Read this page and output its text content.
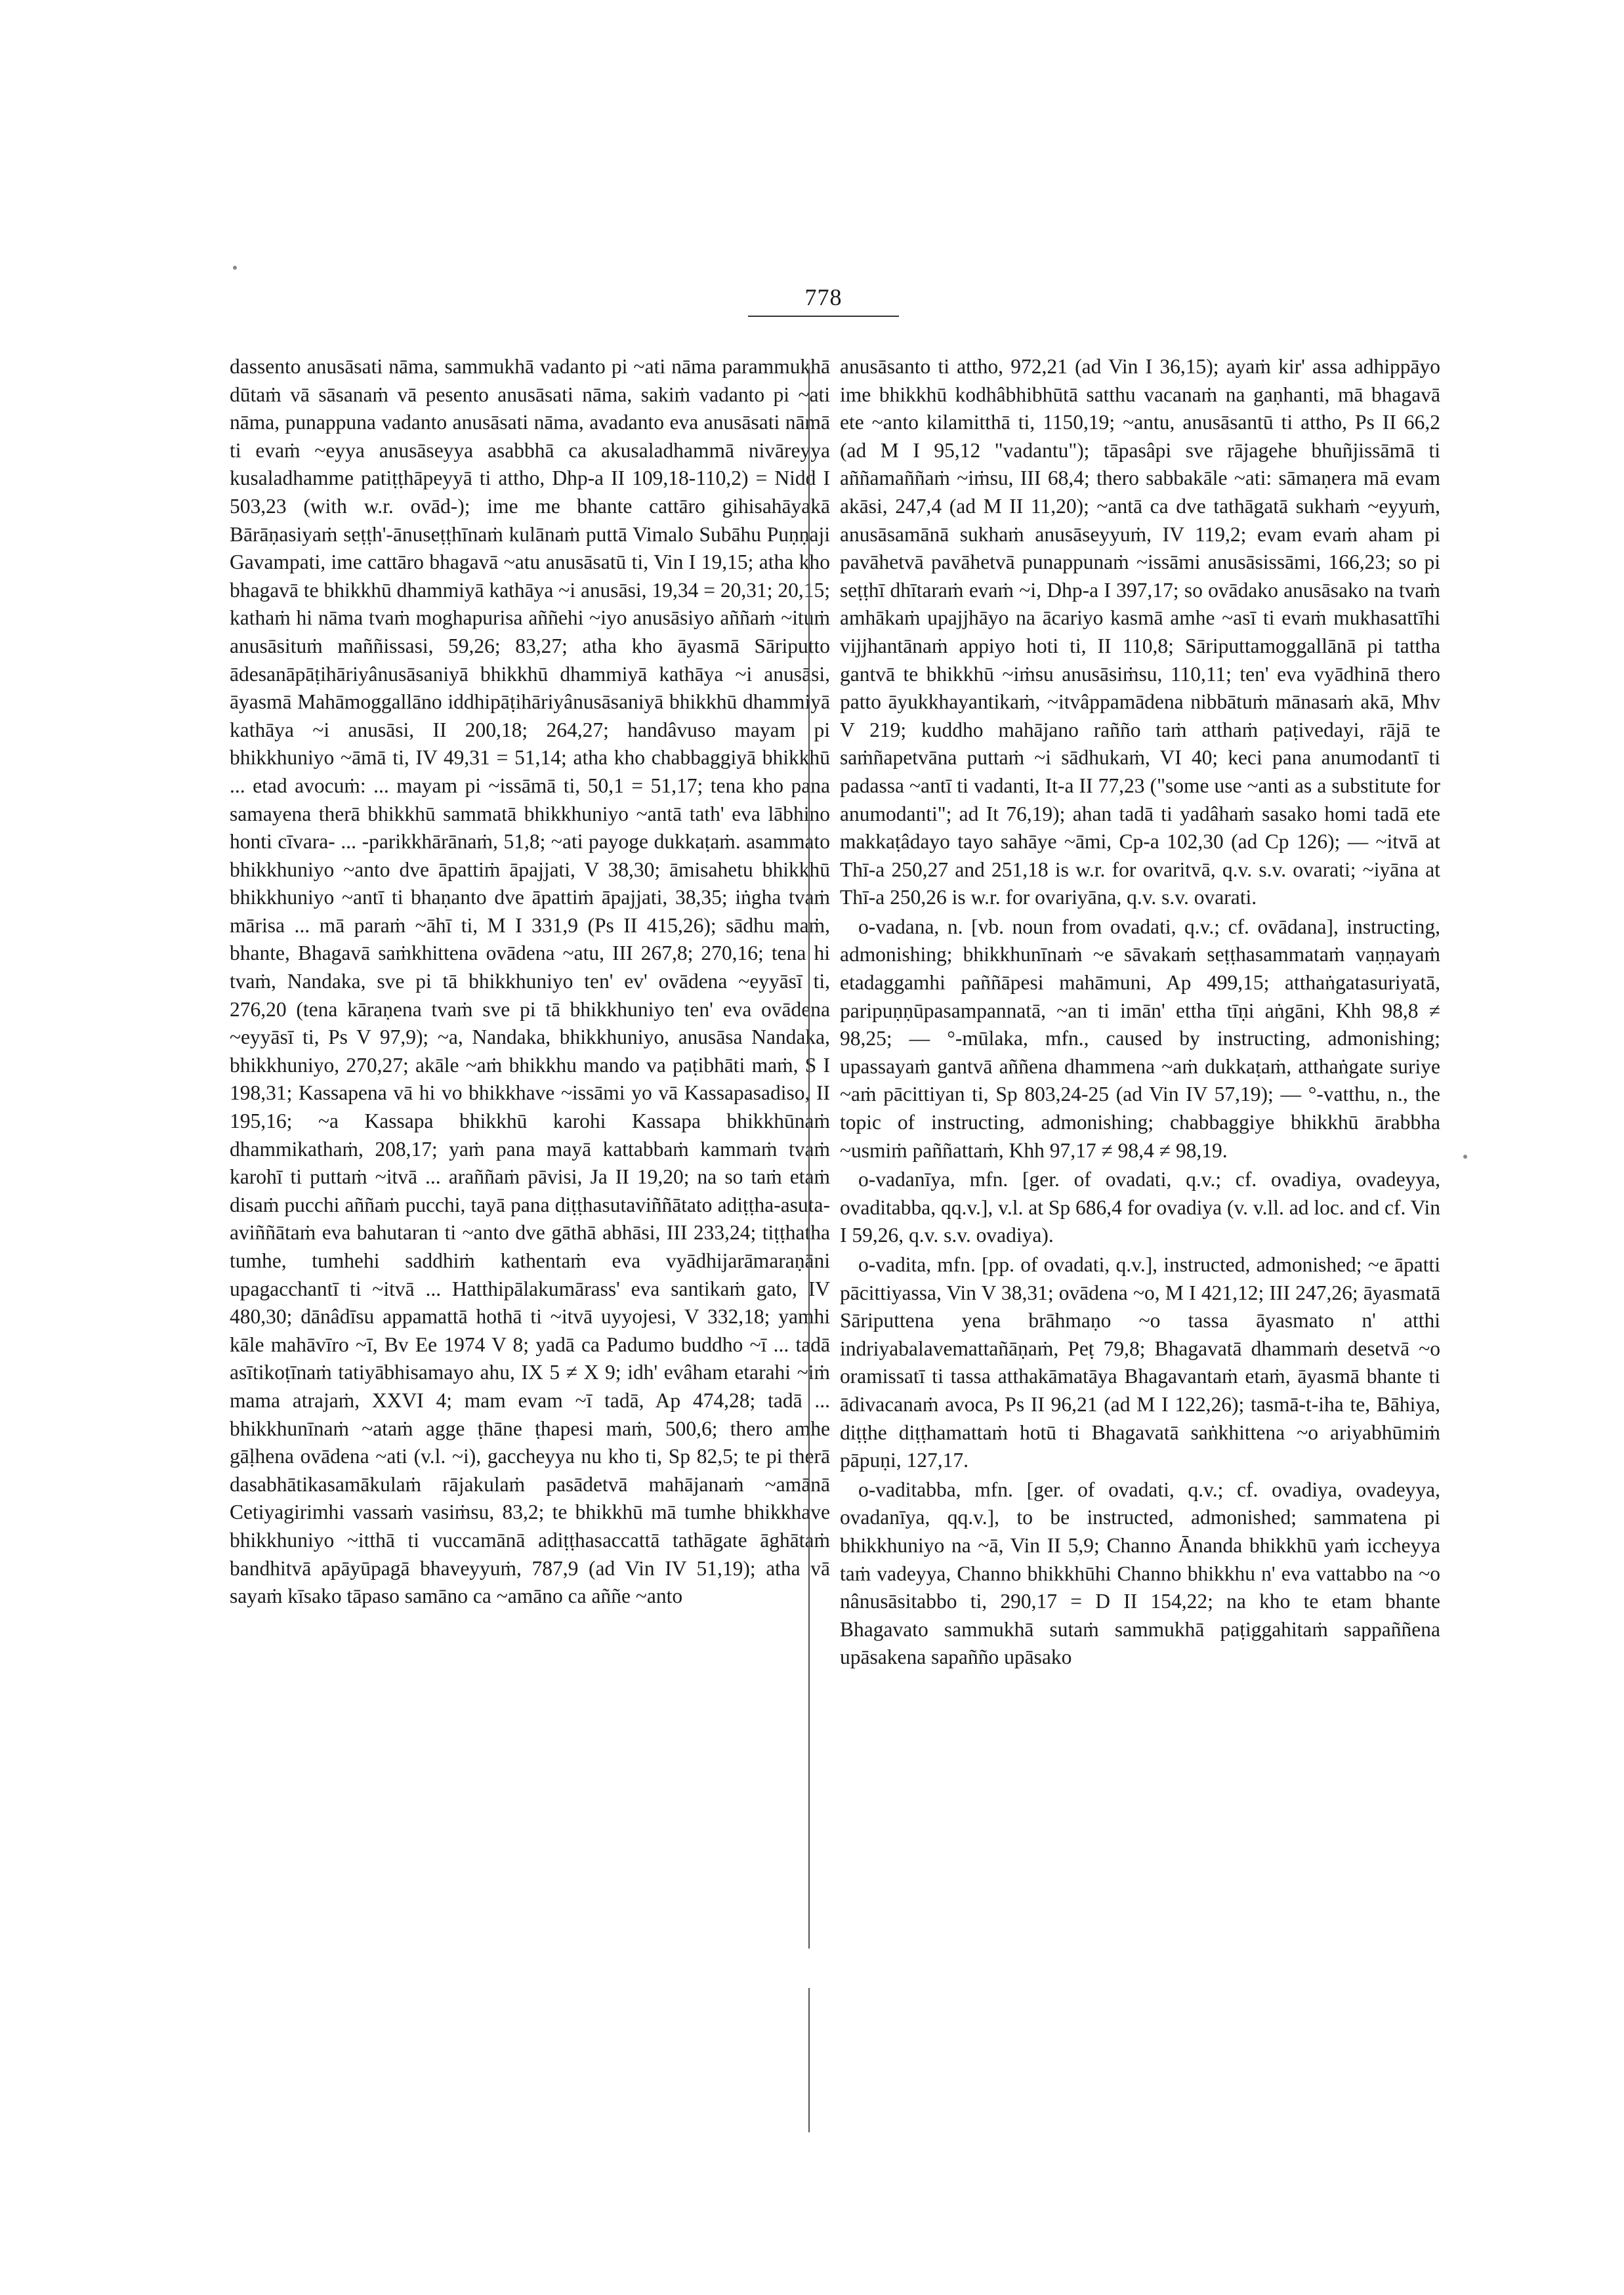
778

dassento anusāsati nāma, sammukhā vadanto pi ~ati nāma parammukhā dūtaṁ vā sāsanaṁ vā pesento anusāsati nāma, sakiṁ vadanto pi ~ati nāma, punappuna vadanto anusāsati nāma, avadanto eva anusāsati nāmā ti evaṁ ~eyya anusāseyya asabbhā ca akusaladhammā nivāreyya kusaladhamme patiṭṭhāpeyyā ti attho, Dhp-a II 109,18-110,2) = Nidd I 503,23 (with w.r. ovād-); ime me bhante cattāro gihisahāyakā Bārāṇasiyaṁ seṭṭh'-ānuseṭṭhīnaṁ kulānaṁ puttā Vimalo Subāhu Puṇṇaji Gavampati, ime cattāro bhagavā ~atu anusāsatū ti, Vin I 19,15; atha kho bhagavā te bhikkhū dhammiyā kathāya ~i anusāsi, 19,34 = 20,31; 20,15; kathaṁ hi nāma tvaṁ moghapurisa aññehi ~iyo anusāsiyo aññaṁ ~ituṁ anusāsituṁ maññissasi, 59,26; 83,27; atha kho āyasmā Sāriputto ādesanāpāṭihāriyânusāsaniyā bhikkhū dhammiyā kathāya ~i anusāsi, āyasmā Mahāmoggallāno iddhipāṭihāriyânusāsaniyā bhikkhū dhammiyā kathāya ~i anusāsi, II 200,18; 264,27; handâvuso mayam pi bhikkhuniyo ~āmā ti, IV 49,31 = 51,14; atha kho chabbaggiyā bhikkhū ... etad avocuṁ: ... mayam pi ~issāmā ti, 50,1 = 51,17; tena kho pana samayena therā bhikkhū sammatā bhikkhuniyo ~antā tath' eva lābhino honti cīvara- ... -parikkhārānaṁ, 51,8; ~ati payoge dukkaṭaṁ. asammato bhikkhuniyo ~anto dve āpattiṁ āpajjati, V 38,30; āmisahetu bhikkhū bhikkhuniyo ~antī ti bhaṇanto dve āpattiṁ āpajjati, 38,35; iṅgha tvaṁ mārisa ... mā paraṁ ~āhī ti, M I 331,9 (Ps II 415,26); sādhu maṁ, bhante, Bhagavā saṁkhittena ovādena ~atu, III 267,8; 270,16; tena hi tvaṁ, Nandaka, sve pi tā bhikkhuniyo ten' ev' ovādena ~eyyāsī ti, 276,20 (tena kāraṇena tvaṁ sve pi tā bhikkhuniyo ten' eva ovādena ~eyyāsī ti, Ps V 97,9); ~a, Nandaka, bhikkhuniyo, anusāsa Nandaka, bhikkhuniyo, 270,27; akāle ~aṁ bhikkhu mando va paṭibhāti maṁ, S I 198,31; Kassapena vā hi vo bhikkhave ~issāmi yo vā Kassapasadiso, II 195,16; ~a Kassapa bhikkhū karohi Kassapa bhikkhūnaṁ dhammikathaṁ, 208,17; yaṁ pana mayā kattabbaṁ kammaṁ tvaṁ karohī ti puttaṁ ~itvā ... araññaṁ pāvisi, Ja II 19,20; na so taṁ etaṁ disaṁ pucchi aññaṁ pucchi, tayā pana diṭṭhasutaviññātato adiṭṭha-asuta-aviññātaṁ eva bahutaran ti ~anto dve gāthā abhāsi, III 233,24; tiṭṭhatha tumhe, tumhehi saddhiṁ kathentaṁ eva vyādhijarāmaraṇāni upagacchantī ti ~itvā ... Hatthipālakumārass' eva santikaṁ gato, IV 480,30; dānâdīsu appamattā hothā ti ~itvā uyyojesi, V 332,18; yamhi kāle mahāvīro ~ī, Bv Ee 1974 V 8; yadā ca Padumo buddho ~ī ... tadā asītikoṭīnaṁ tatiyābhisamayo ahu, IX 5 ≠ X 9; idh' evâham etarahi ~iṁ mama atrajaṁ, XXVI 4; mam evam ~ī tadā, Ap 474,28; tadā ... bhikkhunīnaṁ ~ataṁ agge ṭhāne ṭhapesi maṁ, 500,6; thero amhe gāḷhena ovādena ~ati (v.l. ~i), gaccheyya nu kho ti, Sp 82,5; te pi therā dasabhātikasamākulaṁ rājakulaṁ pasādetvā mahājanaṁ ~amānā Cetiyagirimhi vassaṁ vasiṁsu, 83,2; te bhikkhū mā tumhe bhikkhave bhikkhuniyo ~itthā ti vuccamānā adiṭṭhasaccattā tathāgate āghātaṁ bandhitvā apāyūpagā bhaveyyuṁ, 787,9 (ad Vin IV 51,19); atha vā sayaṁ kīsako tāpaso samāno ca ~amāno ca aññe ~anto

anusāsanto ti attho, 972,21 (ad Vin I 36,15); ayaṁ kir' assa adhippāyo ime bhikkhū kodhâbhibhūtā satthu vacanaṁ na gaṇhanti, mā bhagavā ete ~anto kilamitthā ti, 1150,19; ~antu, anusāsantū ti attho, Ps II 66,2 (ad M I 95,12 "vadantu"); tāpasâpi sve rājagehe bhuñjissāmā ti aññamaññaṁ ~iṁsu, III 68,4; thero sabbakāle ~ati: sāmaṇera mā evam akāsi, 247,4 (ad M II 11,20); ~antā ca dve tathāgatā sukhaṁ ~eyyuṁ, anusāsamānā sukhaṁ anusāseyyuṁ, IV 119,2; evam evaṁ aham pi pavāhetvā pavāhetvā punappunaṁ ~issāmi anusāsissāmi, 166,23; so pi seṭṭhī dhītaraṁ evaṁ ~i, Dhp-a I 397,17; so ovādako anusāsako na tvaṁ amhākaṁ upajjhāyo na ācariyo kasmā amhe ~asī ti evaṁ mukhasattīhi vijjhantānaṁ appiyo hoti ti, II 110,8; Sāriputtamoggallānā pi tattha gantvā te bhikkhū ~iṁsu anusāsiṁsu, 110,11; ten' eva vyādhinā thero patto āyukkhayantikaṁ, ~itvâppamādena nibbātuṁ mānasaṁ akā, Mhv V 219; kuddho mahājano rañño taṁ atthaṁ paṭivedayi, rājā te saṁñapetvāna puttaṁ ~i sādhukaṁ, VI 40; keci pana anumodantī ti padassa ~antī ti vadanti, It-a II 77,23 ("some use ~anti as a substitute for anumodanti"; ad It 76,19); ahan tadā ti yadâhaṁ sasako homi tadā ete makkaṭâdayo tayo sahāye ~āmi, Cp-a 102,30 (ad Cp 126); — ~itvā at Thī-a 250,27 and 251,18 is w.r. for ovaritvā, q.v. s.v. ovarati; ~iyāna at Thī-a 250,26 is w.r. for ovariyāna, q.v. s.v. ovarati.

o-vadana, n. [vb. noun from ovadati, q.v.; cf. ovādana], instructing, admonishing; bhikkhunīnaṁ ~e sāvakaṁ seṭṭhasammataṁ vaṇṇayaṁ etadaggamhi paññāpesi mahāmuni, Ap 499,15; atthaṅgatasuriyatā, paripuṇṇūpasampannatā, ~an ti imān' ettha tīṇi aṅgāni, Khh 98,8 ≠ 98,25; — °-mūlaka, mfn., caused by instructing, admonishing; upassayaṁ gantvā aññena dhammena ~aṁ dukkaṭaṁ, atthaṅgate suriye ~aṁ pācittiyan ti, Sp 803,24-25 (ad Vin IV 57,19); — °-vatthu, n., the topic of instructing, admonishing; chabbaggiye bhikkhū ārabbha ~usmiṁ paññattaṁ, Khh 97,17 ≠ 98,4 ≠ 98,19.

o-vadanīya, mfn. [ger. of ovadati, q.v.; cf. ovadiya, ovadeyya, ovaditabba, qq.v.], v.l. at Sp 686,4 for ovadiya (v. v.ll. ad loc. and cf. Vin I 59,26, q.v. s.v. ovadiya).

o-vadita, mfn. [pp. of ovadati, q.v.], instructed, admonished; ~e āpatti pācittiyassa, Vin V 38,31; ovādena ~o, M I 421,12; III 247,26; āyasmatā Sāriputtena yena brāhmaṇo ~o tassa āyasmato n' atthi indriyabalavemattañāṇaṁ, Peṭ 79,8; Bhagavatā dhammaṁ desetvā ~o oramissatī ti tassa atthakāmatāya Bhagavantaṁ etaṁ, āyasmā bhante ti ādivacanaṁ avoca, Ps II 96,21 (ad M I 122,26); tasmā-t-iha te, Bāhiya, diṭṭhe diṭṭhamattaṁ hotū ti Bhagavatā saṅkhittena ~o ariyabhūmiṁ pāpuṇi, 127,17.

o-vaditabba, mfn. [ger. of ovadati, q.v.; cf. ovadiya, ovadeyya, ovadanīya, qq.v.], to be instructed, admonished; sammatena pi bhikkhuniyo na ~ā, Vin II 5,9; Channo Ānanda bhikkhū yaṁ iccheyya taṁ vadeyya, Channo bhikkhūhi Channo bhikkhu n' eva vattabbo na ~o nânusāsitabbo ti, 290,17 = D II 154,22; na kho te etam bhante Bhagavato sammukhā sutaṁ sammukhā paṭiggahitaṁ sappaññena upāsakena sapañño upāsako
